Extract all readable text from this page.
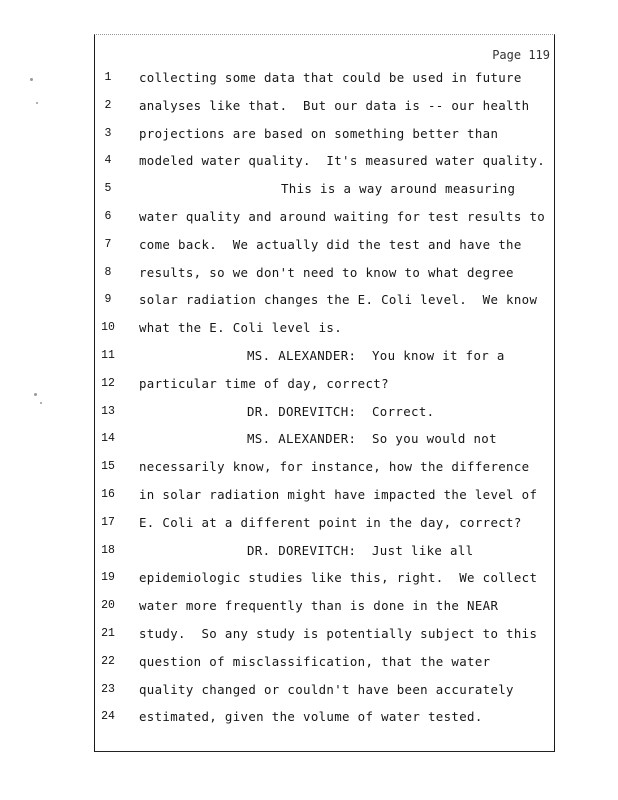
Page 119
1	collecting some data that could be used in future
2	analyses like that.  But our data is -- our health
3	projections are based on something better than
4	modeled water quality.  It's measured water quality.
5	This is a way around measuring
6	water quality and around waiting for test results to
7	come back.  We actually did the test and have the
8	results, so we don't need to know to what degree
9	solar radiation changes the E. Coli level.  We know
10	what the E. Coli level is.
11	MS. ALEXANDER:  You know it for a
12	particular time of day, correct?
13	DR. DOREVITCH:  Correct.
14	MS. ALEXANDER:  So you would not
15	necessarily know, for instance, how the difference
16	in solar radiation might have impacted the level of
17	E. Coli at a different point in the day, correct?
18	DR. DOREVITCH:  Just like all
19	epidemiologic studies like this, right.  We collect
20	water more frequently than is done in the NEAR
21	study.  So any study is potentially subject to this
22	question of misclassification, that the water
23	quality changed or couldn't have been accurately
24	estimated, given the volume of water tested.
